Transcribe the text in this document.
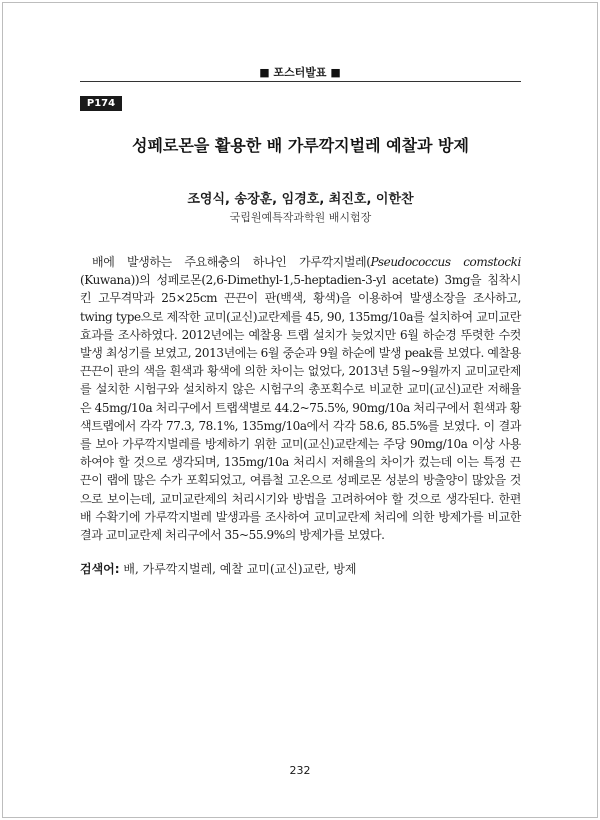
■ 포스터발표 ■
P174
성페로몬을 활용한 배 가루깍지벌레 예찰과 방제
조영식, 송장훈, 임경호, 최진호, 이한찬
국립원예특작과학원 배시험장

배에 발생하는 주요해충의 하나인 가루깍지벌레(Pseudococcus comstocki (Kuwana))의 성페로몬(2,6-Dimethyl-1,5-heptadien-3-yl acetate) 3mg을 침착시킨 고무격막과 25×25cm 끈끈이 판(백색, 황색)을 이용하여 발생소장을 조사하고, twing type으로 제작한 교미(교신)교란제를 45, 90, 135mg/10a를 설치하여 교미교란 효과를 조사하였다. 2012년에는 예찰용 트랩 설치가 늦었지만 6월 하순경 뚜렷한 수컷 발생 최성기를 보였고, 2013년에는 6월 중순과 9월 하순에 발생 peak를 보였다. 예찰용 끈끈이 판의 색을 흰색과 황색에 의한 차이는 없었다, 2013년 5월~9월까지 교미교란제를 설치한 시험구와 설치하지 않은 시험구의 총포획수로 비교한 교미(교신)교란 저해율은 45mg/10a 처리구에서 트랩색별로 44.2~75.5%, 90mg/10a 처리구에서 흰색과 황색트랩에서 각각 77.3, 78.1%, 135mg/10a에서 각각 58.6, 85.5%를 보였다. 이 결과를 보아 가루깍지벌레를 방제하기 위한 교미(교신)교란제는 주당 90mg/10a 이상 사용하여야 할 것으로 생각되며, 135mg/10a 처리시 저해율의 차이가 컸는데 이는 특정 끈끈이 랩에 많은 수가 포획되었고, 여름철 고온으로 성페로몬 성분의 방출양이 많았을 것으로 보이는데, 교미교란제의 처리시기와 방법을 고려하여야 할 것으로 생각된다. 한편 배 수확기에 가루깍지벌레 발생과를 조사하여 교미교란제 처리에 의한 방제가를 비교한 결과 교미교란제 처리구에서 35~55.9%의 방제가를 보였다.

검색어: 배, 가루깍지벌레, 예찰 교미(교신)교란, 방제
232
